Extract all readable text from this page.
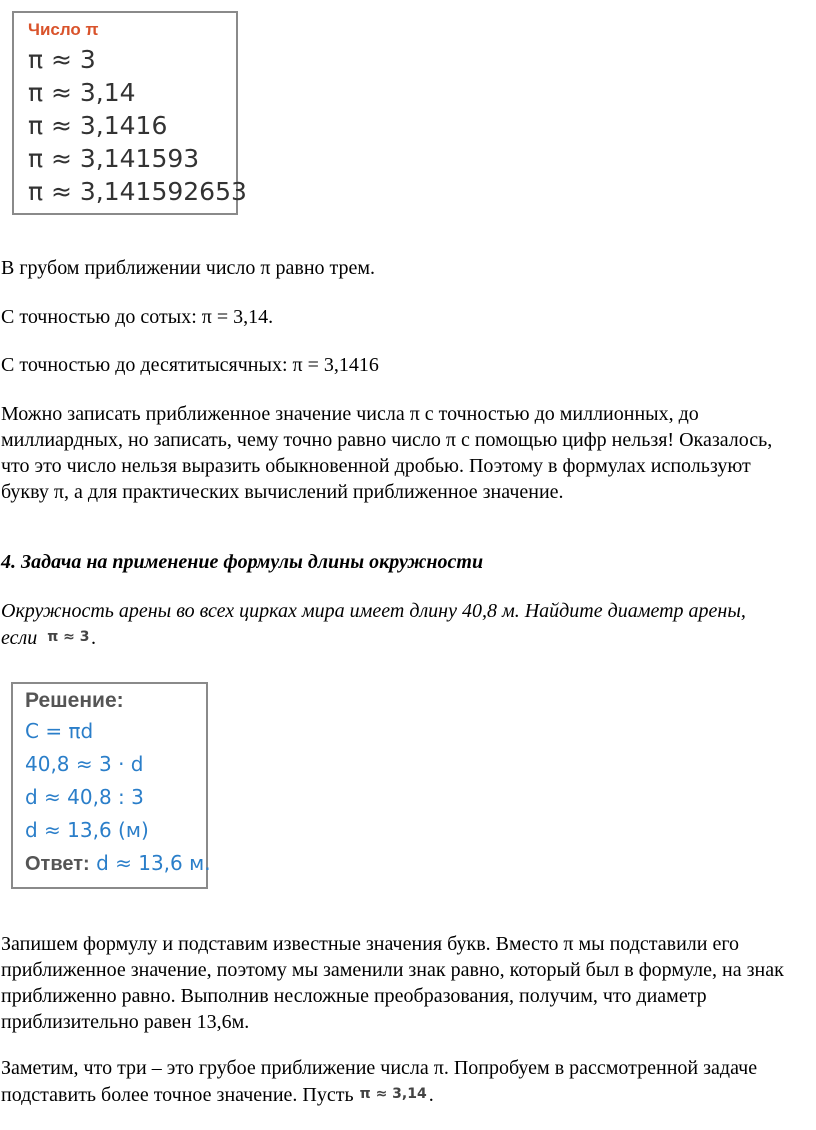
Число π
π ≈ 3
π ≈ 3,14
π ≈ 3,1416
π ≈ 3,141593
π ≈ 3,141592653

В грубом приближении число π равно трем.

С точностью до сотых: π = 3,14.

С точностью до десятитысячных: π = 3,1416

Можно записать приближенное значение числа π с точностью до миллионных, до миллиардных, но записать, чему точно равно число π с помощью цифр нельзя! Оказалось, что это число нельзя выразить обыкновенной дробью. Поэтому в формулах используют букву π, а для практических вычислений приближенное значение.

4. Задача на применение формулы длины окружности

Окружность арены во всех цирках мира имеет длину 40,8 м. Найдите диаметр арены, если π ≈ 3 .

Решение:
C = πd
40,8 ≈ 3 · d
d ≈ 40,8 : 3
d ≈ 13,6 (м)
Ответ: d ≈ 13,6 м.

Запишем формулу и подставим известные значения букв. Вместо π мы подставили его приближенное значение, поэтому мы заменили знак равно, который был в формуле, на знак приближенно равно. Выполнив несложные преобразования, получим, что диаметр приблизительно равен 13,6м.

Заметим, что три – это грубое приближение числа π. Попробуем в рассмотренной задаче подставить более точное значение. Пусть π ≈ 3,14 .
